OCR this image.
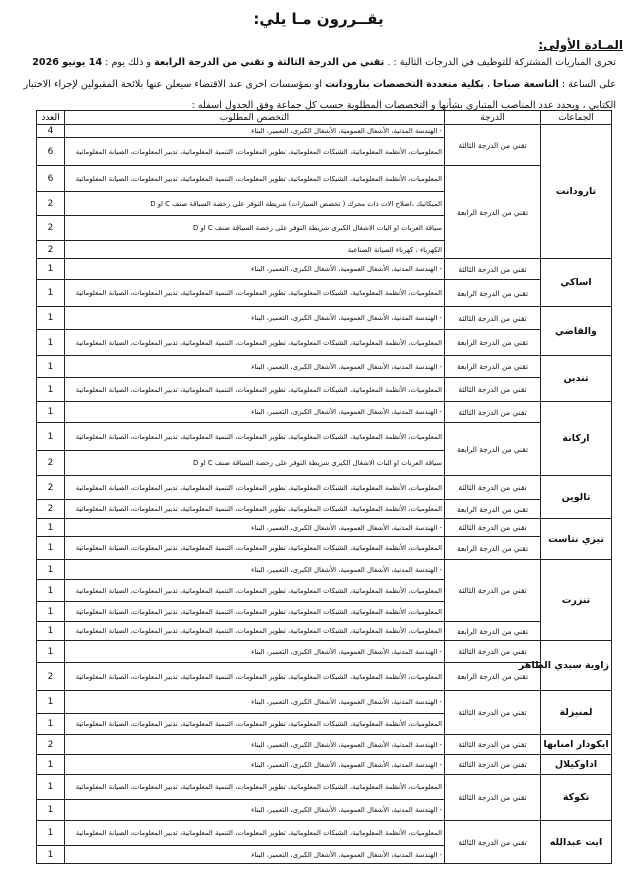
يقــررون مـا يلي:
المـادة الأولى:
تجرى المباريات المشتركة للتوظيف في الدرجات التالية : . تقني من الدرجة الثالثة و تقني من الدرجة الرابعة و ذلك يوم : 14 يونيو 2026
على الساعة : التاسعة صباحا ، بكلية متعددة التخصصات بتارودانت او بمؤسسات اخرى عند الاقتضاء سيعلن عنها بلائحة المقبولين لإجراء الاختبار
الكتابي ، ويحدد عدد المناصب المتبارى بشأنها و التخصصات المطلوبة حسب كل جماعة وفق الجدول اسفله :
الجماعات	الدرجة	التخصص المطلوب	العدد
تارودانت	تقني من الدرجة الثالثة	- الهندسة المدنية، الأشغال العمومية، الأشغال الكبرى، التعمير، البناء	4
		المعلوميات، الأنظمة المعلوماتية، الشبكات المعلوماتية، تطوير المعلومات، التنمية المعلوماتية، تدبير المعلومات، الصيانة المعلوماتية	6
	تقني من الدرجة الرابعة	المعلوميات، الأنظمة المعلوماتية، الشبكات المعلوماتية، تطوير المعلومات، التنمية المعلوماتية، تدبير المعلومات، الصيانة المعلوماتية	6
		الميكانيك ،اصلاح الات ذات محرك ( تخصص السيارات) شريطة التوفر على رخصة السياقة صنف C او D	2
		سياقة العربات او اليات الاشغال الكبرى شريطة التوفر على رخصة السياقة صنف C او D	2
		الكهرباء ، كهرباء الصيانة الصناعية	2
اساكي	تقني من الدرجة الثالثة	- الهندسة المدنية، الأشغال العمومية، الأشغال الكبرى، التعمير، البناء	1
	تقني من الدرجة الرابعة	المعلوميات، الأنظمة المعلوماتية، الشبكات المعلوماتية، تطوير المعلومات، التنمية المعلوماتية، تدبير المعلومات، الصيانة المعلوماتية	1
والقاضي	تقني من الدرجة الثالثة	- الهندسة المدنية، الأشغال العمومية، الأشغال الكبرى، التعمير، البناء	1
	تقني من الدرجة الرابعة	المعلوميات، الأنظمة المعلوماتية، الشبكات المعلوماتية، تطوير المعلومات، التنمية المعلوماتية، تدبير المعلومات، الصيانة المعلوماتية	1
تندين	تقني من الدرجة الرابعة	- الهندسة المدنية، الأشغال العمومية، الأشغال الكبرى، التعمير، البناء	1
	تقني من الدرجة الثالثة	المعلوميات، الأنظمة المعلوماتية، الشبكات المعلوماتية، تطوير المعلومات، التنمية المعلوماتية، تدبير المعلومات، الصيانة المعلوماتية	1
اركانة	تقني من الدرجة الثالثة	- الهندسة المدنية، الأشغال العمومية، الأشغال الكبرى، التعمير، البناء	1
	تقني من الدرجة الرابعة	المعلوميات، الأنظمة المعلوماتية، الشبكات المعلوماتية، تطوير المعلومات، التنمية المعلوماتية، تدبير المعلومات، الصيانة المعلوماتية	1
		سياقة العربات او اليات الاشغال الكبرى شريطة التوفر على رخصة السياقة صنف C او D	2
تالوين	تقني من الدرجة الثالثة	المعلوميات، الأنظمة المعلوماتية، الشبكات المعلوماتية، تطوير المعلومات، التنمية المعلوماتية، تدبير المعلومات، الصيانة المعلوماتية	2
	تقني من الدرجة الرابعة	المعلوميات، الأنظمة المعلوماتية، الشبكات المعلوماتية، تطوير المعلومات، التنمية المعلوماتية، تدبير المعلومات، الصيانة المعلوماتية	2
تيزي نتاست	تقني من الدرجة الثالثة	- الهندسة المدنية، الأشغال العمومية، الأشغال الكبرى، التعمير، البناء	1
	تقني من الدرجة الرابعة	المعلوميات، الأنظمة المعلوماتية، الشبكات المعلوماتية، تطوير المعلومات، التنمية المعلوماتية، تدبير المعلومات، الصيانة المعلوماتية	1
تنزرت	تقني من الدرجة الثالثة	- الهندسة المدنية، الأشغال العمومية، الأشغال الكبرى، التعمير، البناء	1
		المعلوميات، الأنظمة المعلوماتية، الشبكات المعلوماتية، تطوير المعلومات، التنمية المعلوماتية، تدبير المعلومات، الصيانة المعلوماتية	1
		المعلوميات، الأنظمة المعلوماتية، الشبكات المعلوماتية، تطوير المعلومات، التنمية المعلوماتية، تدبير المعلومات، الصيانة المعلوماتية	1
	تقني من الدرجة الرابعة	المعلوميات، الأنظمة المعلوماتية، الشبكات المعلوماتية، تطوير المعلومات، التنمية المعلوماتية، تدبير المعلومات، الصيانة المعلوماتية	1
زاوية سيدي الطاهر	تقني من الدرجة الثالثة	- الهندسة المدنية، الأشغال العمومية، الأشغال الكبرى، التعمير، البناء	1
	تقني من الدرجة الرابعة	المعلوميات، الأنظمة المعلوماتية، الشبكات المعلوماتية، تطوير المعلومات، التنمية المعلوماتية، تدبير المعلومات، الصيانة المعلوماتية	2
لمنيزلة	تقني من الدرجة الثالثة	- الهندسة المدنية، الأشغال العمومية، الأشغال الكبرى، التعمير، البناء	1
		المعلوميات، الأنظمة المعلوماتية، الشبكات المعلوماتية، تطوير المعلومات، التنمية المعلوماتية، تدبير المعلومات، الصيانة المعلوماتية	1
ايكودار امنابها	تقني من الدرجة الثالثة	- الهندسة المدنية، الأشغال العمومية، الأشغال الكبرى، التعمير، البناء	2
اداوكيلال	تقني من الدرجة الثالثة	- الهندسة المدنية، الأشغال العمومية، الأشغال الكبرى، التعمير، البناء	1
تكوكة	تقني من الدرجة الثالثة	المعلوميات، الأنظمة المعلوماتية، الشبكات المعلوماتية، تطوير المعلومات، التنمية المعلوماتية، تدبير المعلومات، الصيانة المعلوماتية	1
		- الهندسة المدنية، الأشغال العمومية، الأشغال الكبرى، التعمير، البناء	1
ايت عبدالله	تقني من الدرجة الثالثة	المعلوميات، الأنظمة المعلوماتية، الشبكات المعلوماتية، تطوير المعلومات، التنمية المعلوماتية، تدبير المعلومات، الصيانة المعلوماتية	1
		- الهندسة المدنية، الأشغال العمومية، الأشغال الكبرى، التعمير، البناء	1
